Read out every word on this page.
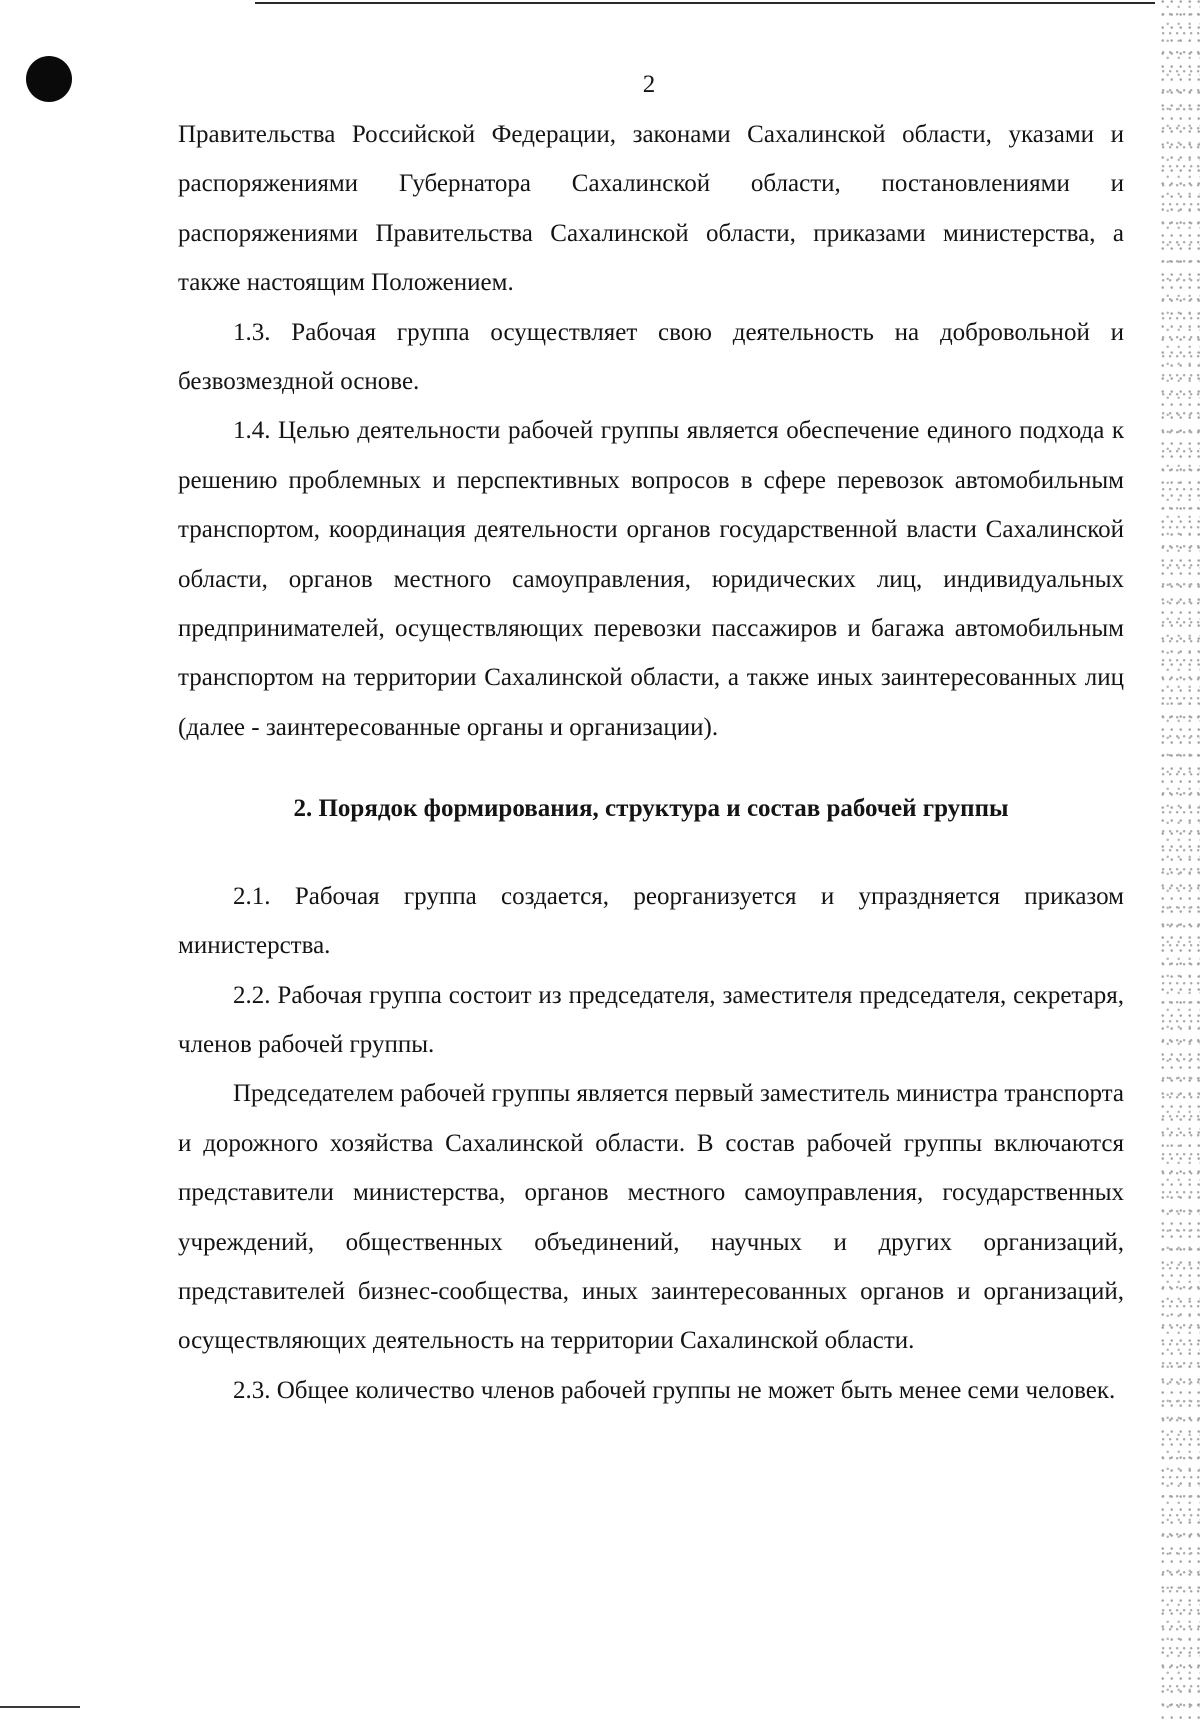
2

Правительства Российской Федерации, законами Сахалинской области, указами и распоряжениями Губернатора Сахалинской области, постановлениями и распоряжениями Правительства Сахалинской области, приказами министерства, а также настоящим Положением.

1.3. Рабочая группа осуществляет свою деятельность на добровольной и безвозмездной основе.

1.4. Целью деятельности рабочей группы является обеспечение единого подхода к решению проблемных и перспективных вопросов в сфере перевозок автомобильным транспортом, координация деятельности органов государственной власти Сахалинской области, органов местного самоуправления, юридических лиц, индивидуальных предпринимателей, осуществляющих перевозки пассажиров и багажа автомобильным транспортом на территории Сахалинской области, а также иных заинтересованных лиц (далее - заинтересованные органы и организации).

2. Порядок формирования, структура и состав рабочей группы

2.1. Рабочая группа создается, реорганизуется и упраздняется приказом министерства.

2.2. Рабочая группа состоит из председателя, заместителя председателя, секретаря, членов рабочей группы.

Председателем рабочей группы является первый заместитель министра транспорта и дорожного хозяйства Сахалинской области. В состав рабочей группы включаются представители министерства, органов местного самоуправления, государственных учреждений, общественных объединений, научных и других организаций, представителей бизнес-сообщества, иных заинтересованных органов и организаций, осуществляющих деятельность на территории Сахалинской области.

2.3. Общее количество членов рабочей группы не может быть менее семи человек.
